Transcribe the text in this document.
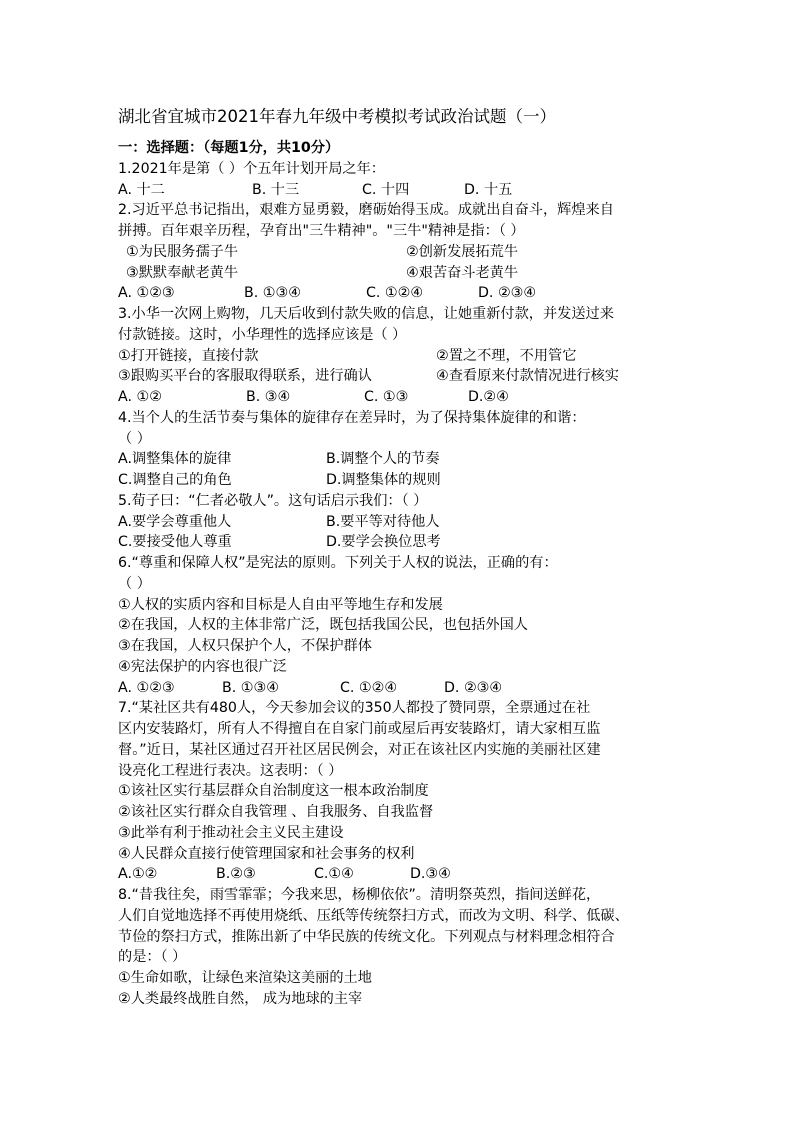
湖北省宜城市2021年春九年级中考模拟考试政治试题（一）
一：选择题：（每题1分，共10分）
1.2021年是第（ ）个五年计划开局之年：
A. 十二	B. 十三	C. 十四	D. 十五
2.习近平总书记指出，艰难方显勇毅，磨砺始得玉成。成就出自奋斗，辉煌来自
拼搏。百年艰辛历程，孕育出"三牛精神"。"三牛"精神是指：（ ）
①为民服务孺子牛	②创新发展拓荒牛
③默默奉献老黄牛	④艰苦奋斗老黄牛
A. ①②③	B. ①③④	C. ①②④	D. ②③④
3.小华一次网上购物，几天后收到付款失败的信息，让她重新付款，并发送过来
付款链接。这时，小华理性的选择应该是（ ）
①打开链接，直接付款	②置之不理，不用管它
③跟购买平台的客服取得联系，进行确认	④查看原来付款情况进行核实
A. ①②	B. ③④	C. ①③	D.②④
4.当个人的生活节奏与集体的旋律存在差异时，为了保持集体旋律的和谐：
（ ）
A.调整集体的旋律	B.调整个人的节奏
C.调整自己的角色	D.调整集体的规则
5.荀子曰：“仁者必敬人”。这句话启示我们：（ ）
A.要学会尊重他人	B.要平等对待他人
C.要接受他人尊重	D.要学会换位思考
6.“尊重和保障人权”是宪法的原则。下列关于人权的说法，正确的有：
（ ）
①人权的实质内容和目标是人自由平等地生存和发展
②在我国，人权的主体非常广泛，既包括我国公民，也包括外国人
③在我国，人权只保护个人，不保护群体
④宪法保护的内容也很广泛
A. ①②③	B. ①③④	C. ①②④	D. ②③④
7.“某社区共有480人，今天参加会议的350人都投了赞同票，全票通过在社
区内安装路灯，所有人不得擅自在自家门前或屋后再安装路灯，请大家相互监
督。”近日，某社区通过召开社区居民例会，对正在该社区内实施的美丽社区建
设亮化工程进行表决。这表明：（ ）
①该社区实行基层群众自治制度这一根本政治制度
②该社区实行群众自我管理 、自我服务、自我监督
③此举有利于推动社会主义民主建设
④人民群众直接行使管理国家和社会事务的权利
A.①②	B.②③	C.①④	D.③④
8.“昔我往矣，雨雪霏霏；今我来思，杨柳依依”。清明祭英烈，指间送鲜花，
人们自觉地选择不再使用烧纸、压纸等传统祭扫方式，而改为文明、科学、低碳、
节俭的祭扫方式，推陈出新了中华民族的传统文化。下列观点与材料理念相符合
的是：（ ）
①生命如歌，让绿色来渲染这美丽的土地
②人类最终战胜自然， 成为地球的主宰
